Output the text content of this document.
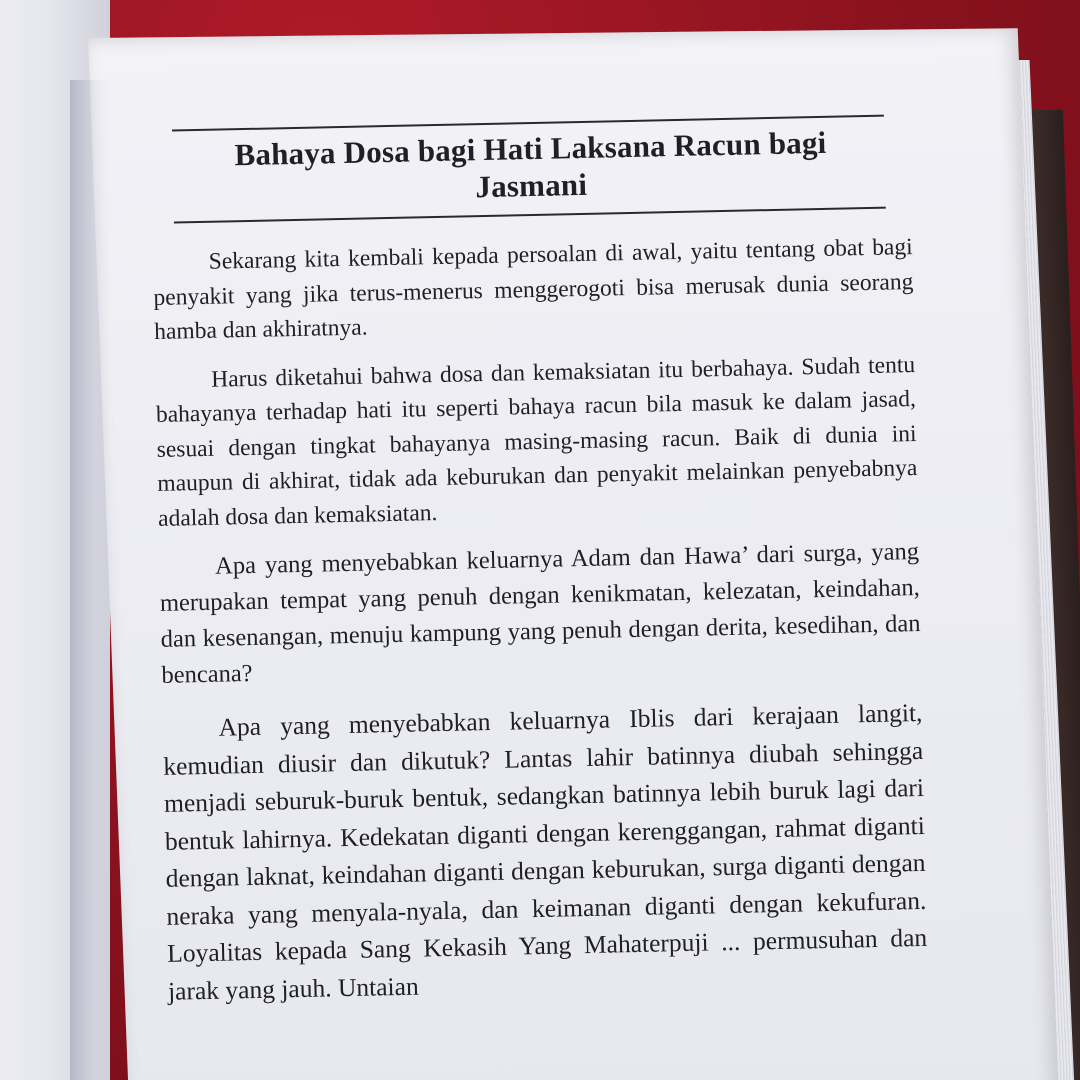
Bahaya Dosa bagi Hati Laksana Racun bagi Jasmani

Sekarang kita kembali kepada persoalan di awal, yaitu tentang obat bagi penyakit yang jika terus-menerus menggerogoti bisa merusak dunia seorang hamba dan akhiratnya.

Harus diketahui bahwa dosa dan kemaksiatan itu berbahaya. Sudah tentu bahayanya terhadap hati itu seperti bahaya racun bila masuk ke dalam jasad, sesuai dengan tingkat bahayanya masing-masing racun. Baik di dunia ini maupun di akhirat, tidak ada keburukan dan penyakit melainkan penyebabnya adalah dosa dan kemaksiatan.

Apa yang menyebabkan keluarnya Adam dan Hawa’ dari surga, yang merupakan tempat yang penuh dengan kenikmatan, kelezatan, keindahan, dan kesenangan, menuju kampung yang penuh dengan derita, kesedihan, dan bencana?

Apa yang menyebabkan keluarnya Iblis dari kerajaan langit, kemudian diusir dan dikutuk? Lantas lahir batinnya diubah sehingga menjadi seburuk-buruk bentuk, sedangkan batinnya lebih buruk lagi dari bentuk lahirnya. Kedekatan diganti dengan kerenggangan, rahmat diganti dengan laknat, keindahan diganti dengan keburukan, surga diganti dengan neraka yang menyala-nyala, dan keimanan diganti dengan kekufuran. Loyalitas kepada Sang Kekasih Yang Mahaterpuji ... permusuhan dan jarak yang jauh. Untaian
